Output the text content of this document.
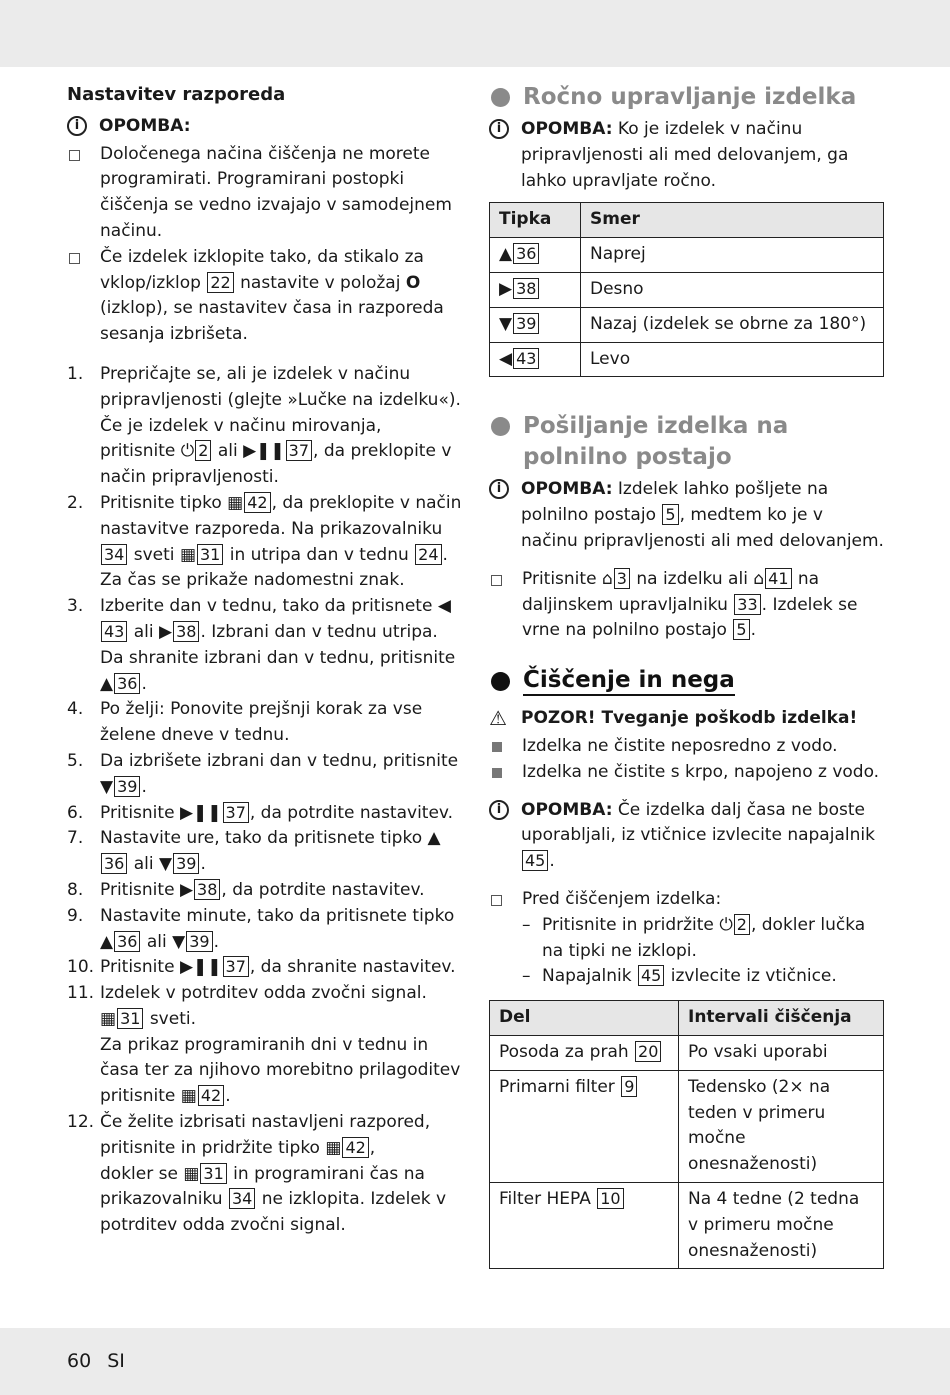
Nastavitev razporeda
i	OPOMBA:
Določenega načina čiščenja ne morete programirati. Programirani postopki čiščenja se vedno izvajajo v samodejnem načinu.
Če izdelek izklopite tako, da stikalo za vklop/izklop 22 nastavite v položaj O (izklop), se nastavitev časa in razporeda sesanja izbrišeta.
1. Prepričajte se, ali je izdelek v načinu pripravljenosti (glejte »Lučke na izdelku«). Če je izdelek v načinu mirovanja, pritisnite ⏻ 2 ali ▶❚❚ 37 , da preklopite v način pripravljenosti.
2. Pritisnite tipko ▦ 42 , da preklopite v način nastavitve razporeda. Na prikazovalniku 34 sveti ▦ 31 in utripa dan v tednu 24 . Za čas se prikaže nadomestni znak.
3. Izberite dan v tednu, tako da pritisnete ◀43 ali ▶ 38 . Izbrani dan v tednu utripa. Da shranite izbrani dan v tednu, pritisnite ▲ 36 .
4. Po želji: Ponovite prejšnji korak za vse želene dneve v tednu.
5. Da izbrišete izbrani dan v tednu, pritisnite ▼ 39 .
6. Pritisnite ▶❚❚ 37 , da potrdite nastavitev.
7. Nastavite ure, tako da pritisnete tipko ▲36 ali ▼ 39 .
8. Pritisnite ▶ 38 , da potrdite nastavitev.
9. Nastavite minute, tako da pritisnete tipko ▲ 36 ali ▼ 39 .
10. Pritisnite ▶❚❚ 37 , da shranite nastavitev.
11. Izdelek v potrditev odda zvočni signal.
▦ 31 sveti.
Za prikaz programiranih dni v tednu in časa ter za njihovo morebitno prilagoditev pritisnite ▦ 42 .
12. Če želite izbrisati nastavljeni razpored, pritisnite in pridržite tipko ▦ 42 ,
dokler se ▦ 31 in programirani čas na prikazovalniku 34 ne izklopita. Izdelek v potrditev odda zvočni signal.
Ročno upravljanje izdelka
i	OPOMBA: Ko je izdelek v načinu pripravljenosti ali med delovanjem, ga lahko upravljate ročno.
Tipka	Smer
▲ 36	Naprej
▶ 38	Desno
▼ 39	Nazaj (izdelek se obrne za 180°)
◀ 43	Levo
Pošiljanje izdelka na polnilno postajo
i	OPOMBA: Izdelek lahko pošljete na polnilno postajo 5 , medtem ko je v načinu pripravljenosti ali med delovanjem.
Pritisnite ⌂ 3 na izdelku ali ⌂ 41 na daljinskem upravljalniku 33 . Izdelek se vrne na polnilno postajo 5 .
Čiščenje in nega
⚠ POZOR! Tveganje poškodb izdelka!
Izdelka ne čistite neposredno z vodo.
Izdelka ne čistite s krpo, napojeno z vodo.
i	OPOMBA: Če izdelka dalj časa ne boste uporabljali, iz vtičnice izvlecite napajalnik 45 .
Pred čiščenjem izdelka:
– Pritisnite in pridržite ⏻ 2 , dokler lučka na tipki ne izklopi.
– Napajalnik 45 izvlecite iz vtičnice.
Del	Intervali čiščenja
Posoda za prah 20	Po vsaki uporabi
Primarni filter 9	Tedensko (2× na teden v primeru močne onesnaženosti)
Filter HEPA 10	Na 4 tedne (2 tedna v primeru močne onesnaženosti)
60 SI
